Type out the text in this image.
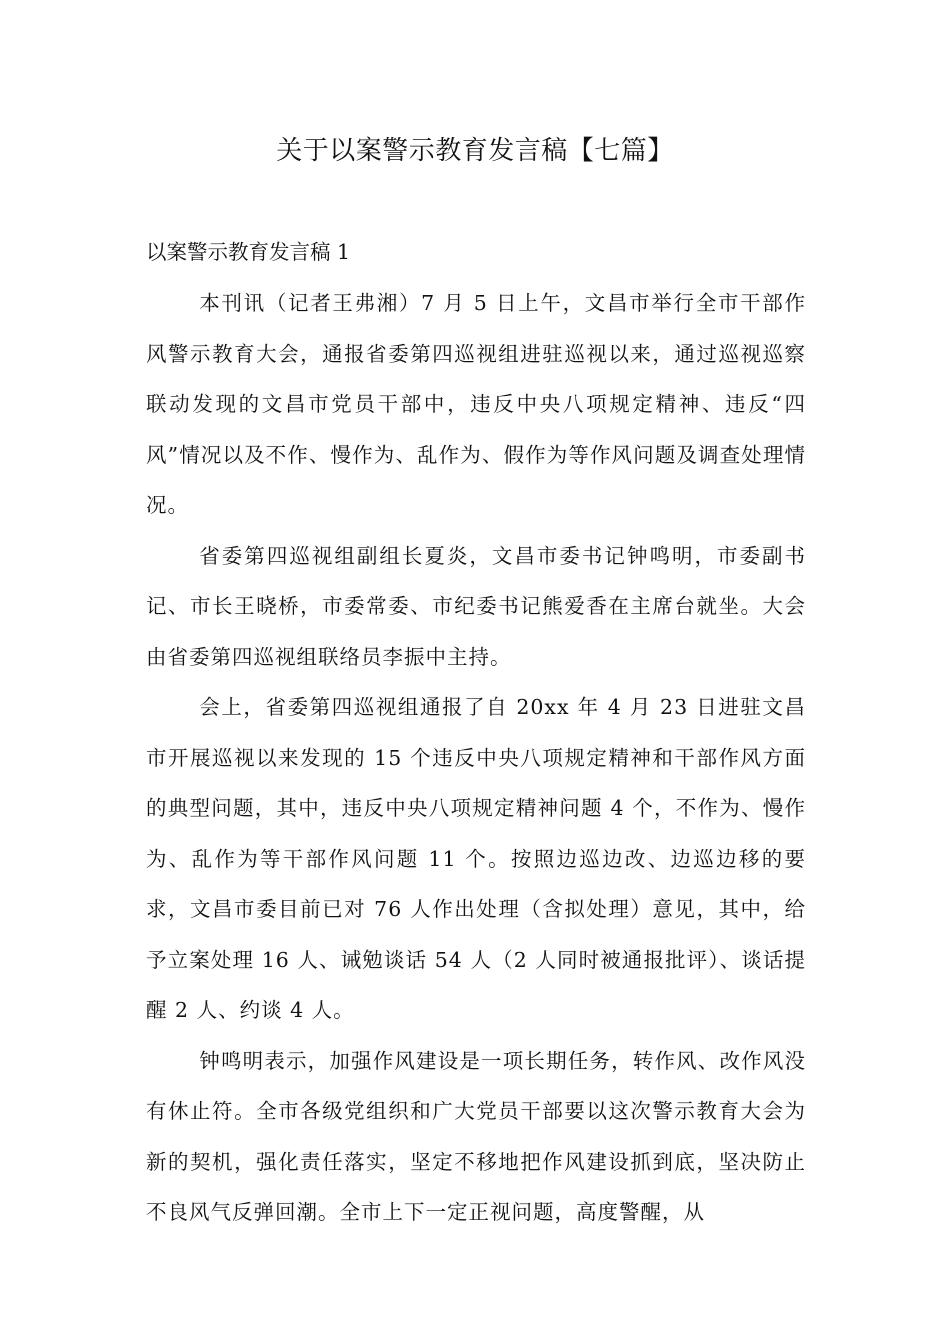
关于以案警示教育发言稿【七篇】

以案警示教育发言稿 1

本刊讯（记者王弗湘）7 月 5 日上午，文昌市举行全市干部作风警示教育大会，通报省委第四巡视组进驻巡视以来，通过巡视巡察联动发现的文昌市党员干部中，违反中央八项规定精神、违反“四风”情况以及不作、慢作为、乱作为、假作为等作风问题及调查处理情况。

省委第四巡视组副组长夏炎，文昌市委书记钟鸣明，市委副书记、市长王晓桥，市委常委、市纪委书记熊爱香在主席台就坐。大会由省委第四巡视组联络员李振中主持。

会上，省委第四巡视组通报了自 20xx 年 4 月 23 日进驻文昌市开展巡视以来发现的 15 个违反中央八项规定精神和干部作风方面的典型问题，其中，违反中央八项规定精神问题 4 个，不作为、慢作为、乱作为等干部作风问题 11 个。按照边巡边改、边巡边移的要求，文昌市委目前已对 76 人作出处理（含拟处理）意见，其中，给予立案处理 16 人、诫勉谈话 54 人（2 人同时被通报批评）、谈话提醒 2 人、约谈 4 人。

钟鸣明表示，加强作风建设是一项长期任务，转作风、改作风没有休止符。全市各级党组织和广大党员干部要以这次警示教育大会为新的契机，强化责任落实，坚定不移地把作风建设抓到底，坚决防止不良风气反弹回潮。全市上下一定正视问题，高度警醒，从
